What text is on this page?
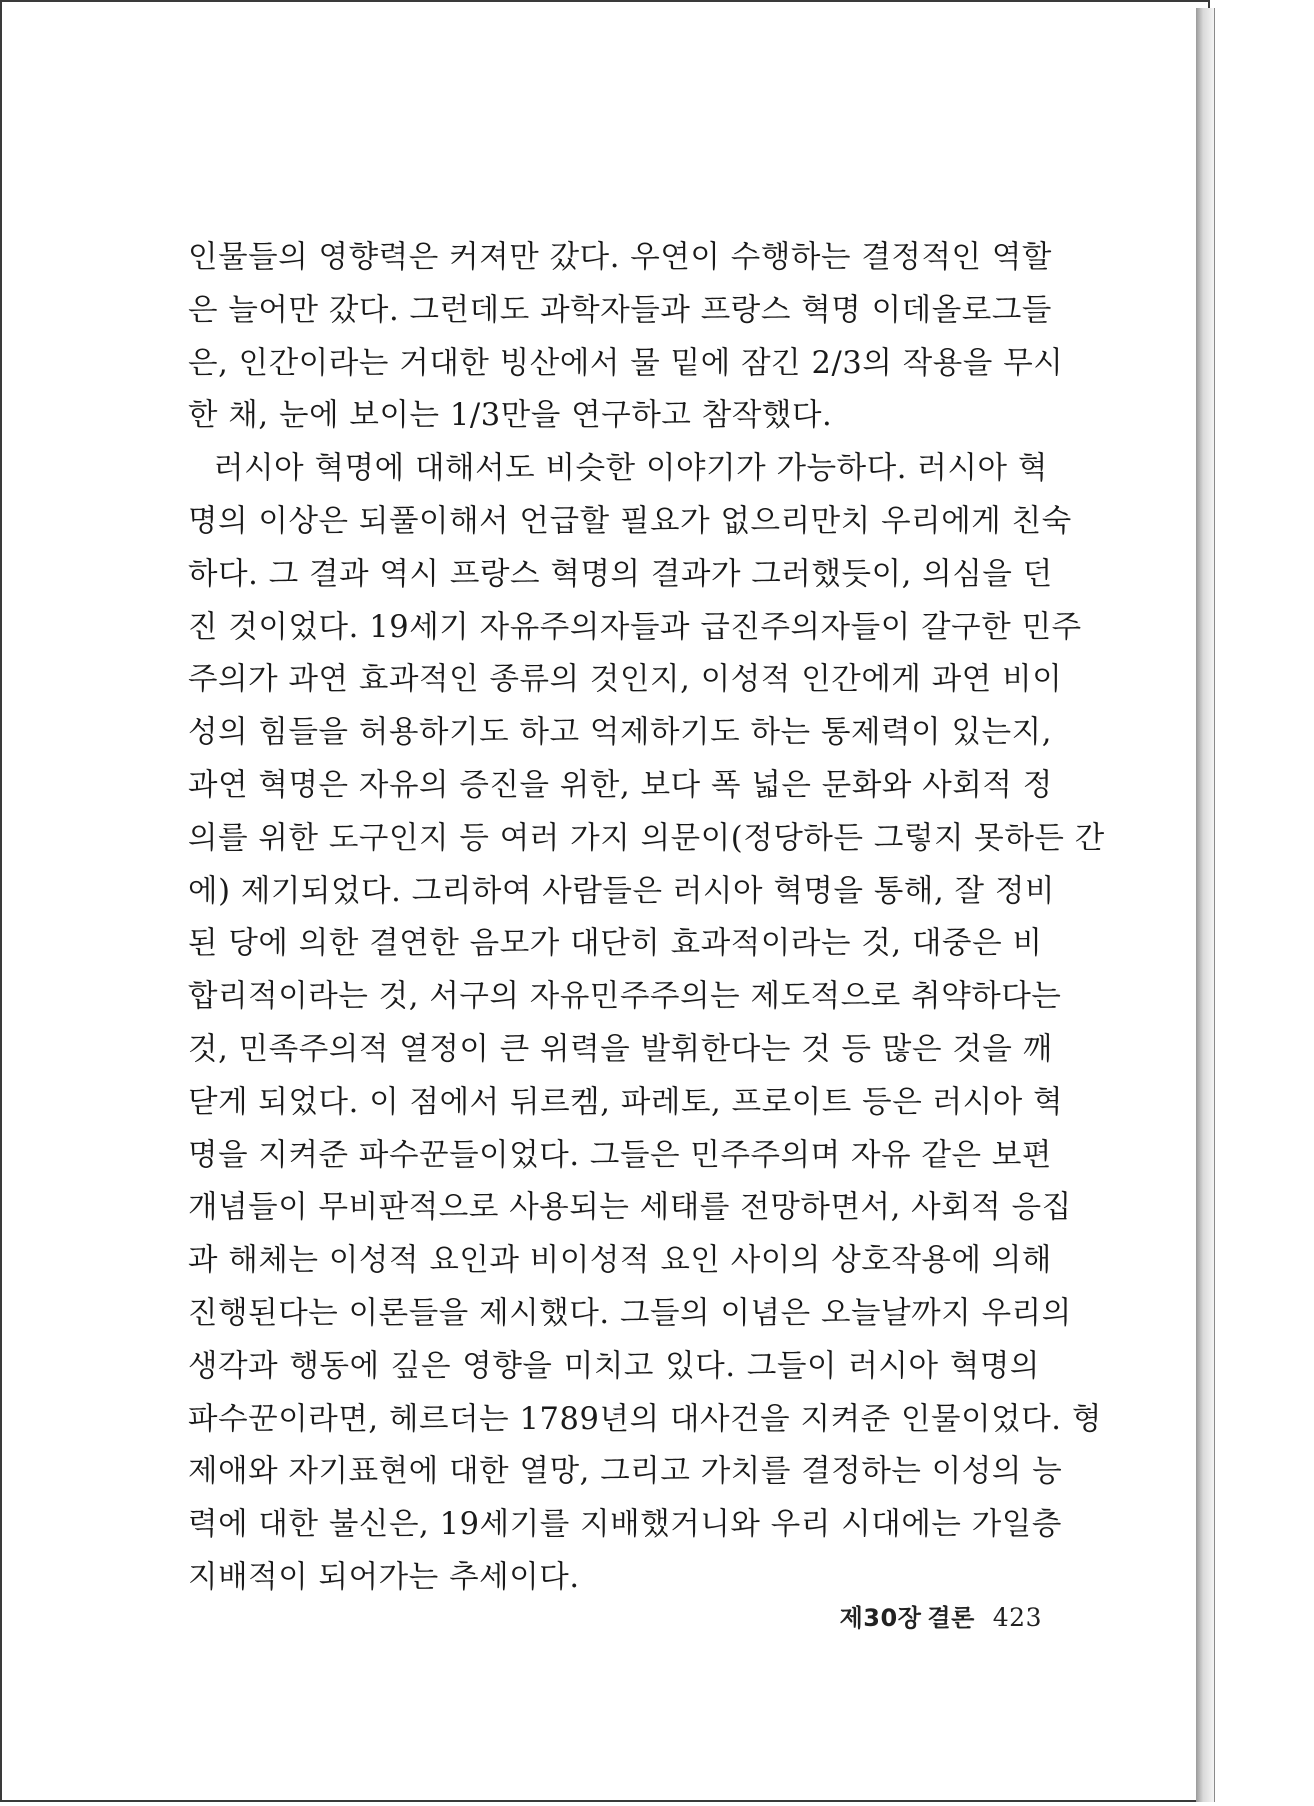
인물들의 영향력은 커져만 갔다. 우연이 수행하는 결정적인 역할
은 늘어만 갔다. 그런데도 과학자들과 프랑스 혁명 이데올로그들
은, 인간이라는 거대한 빙산에서 물 밑에 잠긴 2/3의 작용을 무시
한 채, 눈에 보이는 1/3만을 연구하고 참작했다.
러시아 혁명에 대해서도 비슷한 이야기가 가능하다. 러시아 혁
명의 이상은 되풀이해서 언급할 필요가 없으리만치 우리에게 친숙
하다. 그 결과 역시 프랑스 혁명의 결과가 그러했듯이, 의심을 던
진 것이었다. 19세기 자유주의자들과 급진주의자들이 갈구한 민주
주의가 과연 효과적인 종류의 것인지, 이성적 인간에게 과연 비이
성의 힘들을 허용하기도 하고 억제하기도 하는 통제력이 있는지,
과연 혁명은 자유의 증진을 위한, 보다 폭 넓은 문화와 사회적 정
의를 위한 도구인지 등 여러 가지 의문이(정당하든 그렇지 못하든 간
에) 제기되었다. 그리하여 사람들은 러시아 혁명을 통해, 잘 정비
된 당에 의한 결연한 음모가 대단히 효과적이라는 것, 대중은 비
합리적이라는 것, 서구의 자유민주주의는 제도적으로 취약하다는
것, 민족주의적 열정이 큰 위력을 발휘한다는 것 등 많은 것을 깨
닫게 되었다. 이 점에서 뒤르켐, 파레토, 프로이트 등은 러시아 혁
명을 지켜준 파수꾼들이었다. 그들은 민주주의며 자유 같은 보편
개념들이 무비판적으로 사용되는 세태를 전망하면서, 사회적 응집
과 해체는 이성적 요인과 비이성적 요인 사이의 상호작용에 의해
진행된다는 이론들을 제시했다. 그들의 이념은 오늘날까지 우리의
생각과 행동에 깊은 영향을 미치고 있다. 그들이 러시아 혁명의
파수꾼이라면, 헤르더는 1789년의 대사건을 지켜준 인물이었다. 형
제애와 자기표현에 대한 열망, 그리고 가치를 결정하는 이성의 능
력에 대한 불신은, 19세기를 지배했거니와 우리 시대에는 가일층
지배적이 되어가는 추세이다.
제30장 결론 423
